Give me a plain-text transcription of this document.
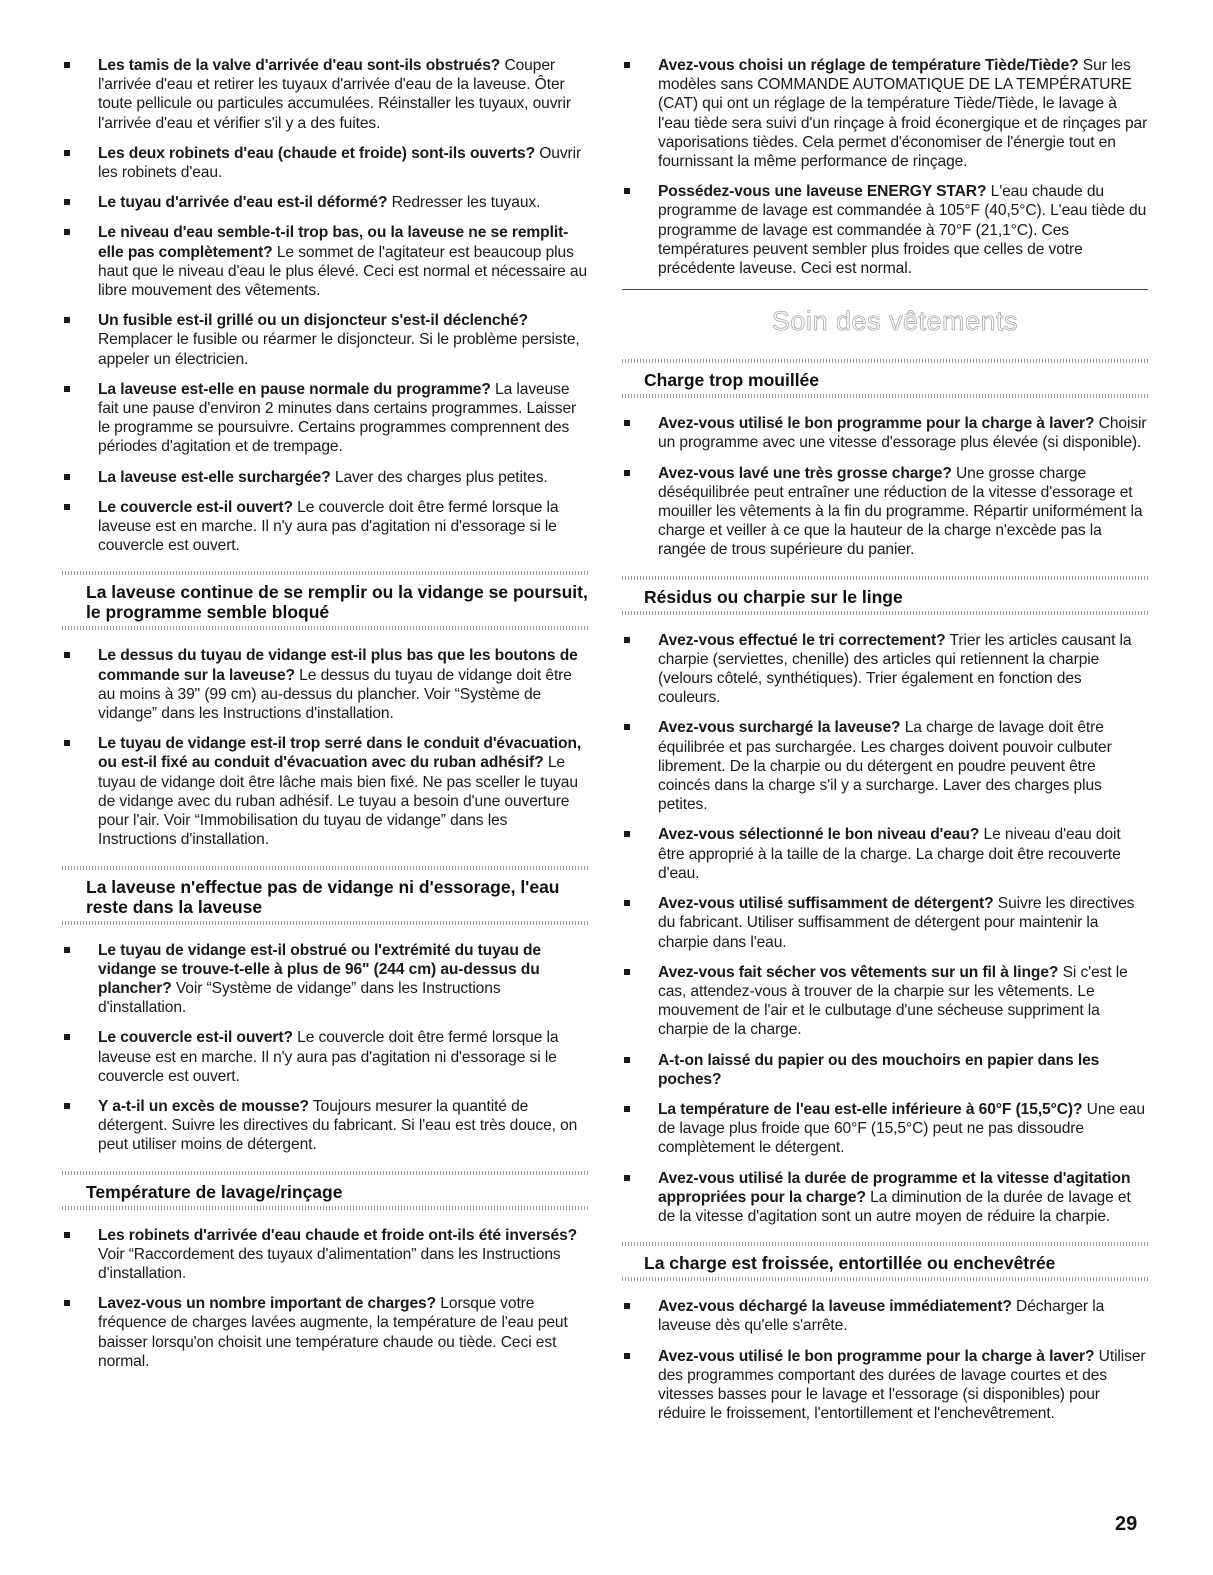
Les tamis de la valve d'arrivée d'eau sont-ils obstrués? Couper l'arrivée d'eau et retirer les tuyaux d'arrivée d'eau de la laveuse. Ôter toute pellicule ou particules accumulées. Réinstaller les tuyaux, ouvrir l'arrivée d'eau et vérifier s'il y a des fuites.
Les deux robinets d'eau (chaude et froide) sont-ils ouverts? Ouvrir les robinets d'eau.
Le tuyau d'arrivée d'eau est-il déformé? Redresser les tuyaux.
Le niveau d'eau semble-t-il trop bas, ou la laveuse ne se remplit-elle pas complètement? Le sommet de l'agitateur est beaucoup plus haut que le niveau d'eau le plus élevé. Ceci est normal et nécessaire au libre mouvement des vêtements.
Un fusible est-il grillé ou un disjoncteur s'est-il déclenché? Remplacer le fusible ou réarmer le disjoncteur. Si le problème persiste, appeler un électricien.
La laveuse est-elle en pause normale du programme? La laveuse fait une pause d'environ 2 minutes dans certains programmes. Laisser le programme se poursuivre. Certains programmes comprennent des périodes d'agitation et de trempage.
La laveuse est-elle surchargée? Laver des charges plus petites.
Le couvercle est-il ouvert? Le couvercle doit être fermé lorsque la laveuse est en marche. Il n'y aura pas d'agitation ni d'essorage si le couvercle est ouvert.
La laveuse continue de se remplir ou la vidange se poursuit, le programme semble bloqué
Le dessus du tuyau de vidange est-il plus bas que les boutons de commande sur la laveuse? Le dessus du tuyau de vidange doit être au moins à 39" (99 cm) au-dessus du plancher. Voir “Système de vidange” dans les Instructions d'installation.
Le tuyau de vidange est-il trop serré dans le conduit d'évacuation, ou est-il fixé au conduit d'évacuation avec du ruban adhésif? Le tuyau de vidange doit être lâche mais bien fixé. Ne pas sceller le tuyau de vidange avec du ruban adhésif. Le tuyau a besoin d'une ouverture pour l'air. Voir “Immobilisation du tuyau de vidange” dans les Instructions d'installation.
La laveuse n'effectue pas de vidange ni d'essorage, l'eau reste dans la laveuse
Le tuyau de vidange est-il obstrué ou l'extrémité du tuyau de vidange se trouve-t-elle à plus de 96" (244 cm) au-dessus du plancher? Voir “Système de vidange” dans les Instructions d'installation.
Le couvercle est-il ouvert? Le couvercle doit être fermé lorsque la laveuse est en marche. Il n'y aura pas d'agitation ni d'essorage si le couvercle est ouvert.
Y a-t-il un excès de mousse? Toujours mesurer la quantité de détergent. Suivre les directives du fabricant. Si l'eau est très douce, on peut utiliser moins de détergent.
Température de lavage/rinçage
Les robinets d'arrivée d'eau chaude et froide ont-ils été inversés? Voir “Raccordement des tuyaux d'alimentation” dans les Instructions d'installation.
Lavez-vous un nombre important de charges? Lorsque votre fréquence de charges lavées augmente, la température de l'eau peut baisser lorsqu'on choisit une température chaude ou tiède. Ceci est normal.
Avez-vous choisi un réglage de température Tiède/Tiède? Sur les modèles sans COMMANDE AUTOMATIQUE DE LA TEMPÉRATURE (CAT) qui ont un réglage de la température Tiède/Tiède, le lavage à l'eau tiède sera suivi d'un rinçage à froid éconergique et de rinçages par vaporisations tièdes. Cela permet d'économiser de l'énergie tout en fournissant la même performance de rinçage.
Possédez-vous une laveuse ENERGY STAR? L'eau chaude du programme de lavage est commandée à 105°F (40,5°C). L'eau tiède du programme de lavage est commandée à 70°F (21,1°C). Ces températures peuvent sembler plus froides que celles de votre précédente laveuse. Ceci est normal.
Soin des vêtements
Charge trop mouillée
Avez-vous utilisé le bon programme pour la charge à laver? Choisir un programme avec une vitesse d'essorage plus élevée (si disponible).
Avez-vous lavé une très grosse charge? Une grosse charge déséquilibrée peut entraîner une réduction de la vitesse d'essorage et mouiller les vêtements à la fin du programme. Répartir uniformément la charge et veiller à ce que la hauteur de la charge n'excède pas la rangée de trous supérieure du panier.
Résidus ou charpie sur le linge
Avez-vous effectué le tri correctement? Trier les articles causant la charpie (serviettes, chenille) des articles qui retiennent la charpie (velours côtelé, synthétiques). Trier également en fonction des couleurs.
Avez-vous surchargé la laveuse? La charge de lavage doit être équilibrée et pas surchargée. Les charges doivent pouvoir culbuter librement. De la charpie ou du détergent en poudre peuvent être coincés dans la charge s'il y a surcharge. Laver des charges plus petites.
Avez-vous sélectionné le bon niveau d'eau? Le niveau d'eau doit être approprié à la taille de la charge. La charge doit être recouverte d'eau.
Avez-vous utilisé suffisamment de détergent? Suivre les directives du fabricant. Utiliser suffisamment de détergent pour maintenir la charpie dans l'eau.
Avez-vous fait sécher vos vêtements sur un fil à linge? Si c'est le cas, attendez-vous à trouver de la charpie sur les vêtements. Le mouvement de l'air et le culbutage d'une sécheuse suppriment la charpie de la charge.
A-t-on laissé du papier ou des mouchoirs en papier dans les poches?
La température de l'eau est-elle inférieure à 60°F (15,5°C)? Une eau de lavage plus froide que 60°F (15,5°C) peut ne pas dissoudre complètement le détergent.
Avez-vous utilisé la durée de programme et la vitesse d'agitation appropriées pour la charge? La diminution de la durée de lavage et de la vitesse d'agitation sont un autre moyen de réduire la charpie.
La charge est froissée, entortillée ou enchevêtrée
Avez-vous déchargé la laveuse immédiatement? Décharger la laveuse dès qu'elle s'arrête.
Avez-vous utilisé le bon programme pour la charge à laver? Utiliser des programmes comportant des durées de lavage courtes et des vitesses basses pour le lavage et l'essorage (si disponibles) pour réduire le froissement, l'entortillement et l'enchevêtrement.
29
